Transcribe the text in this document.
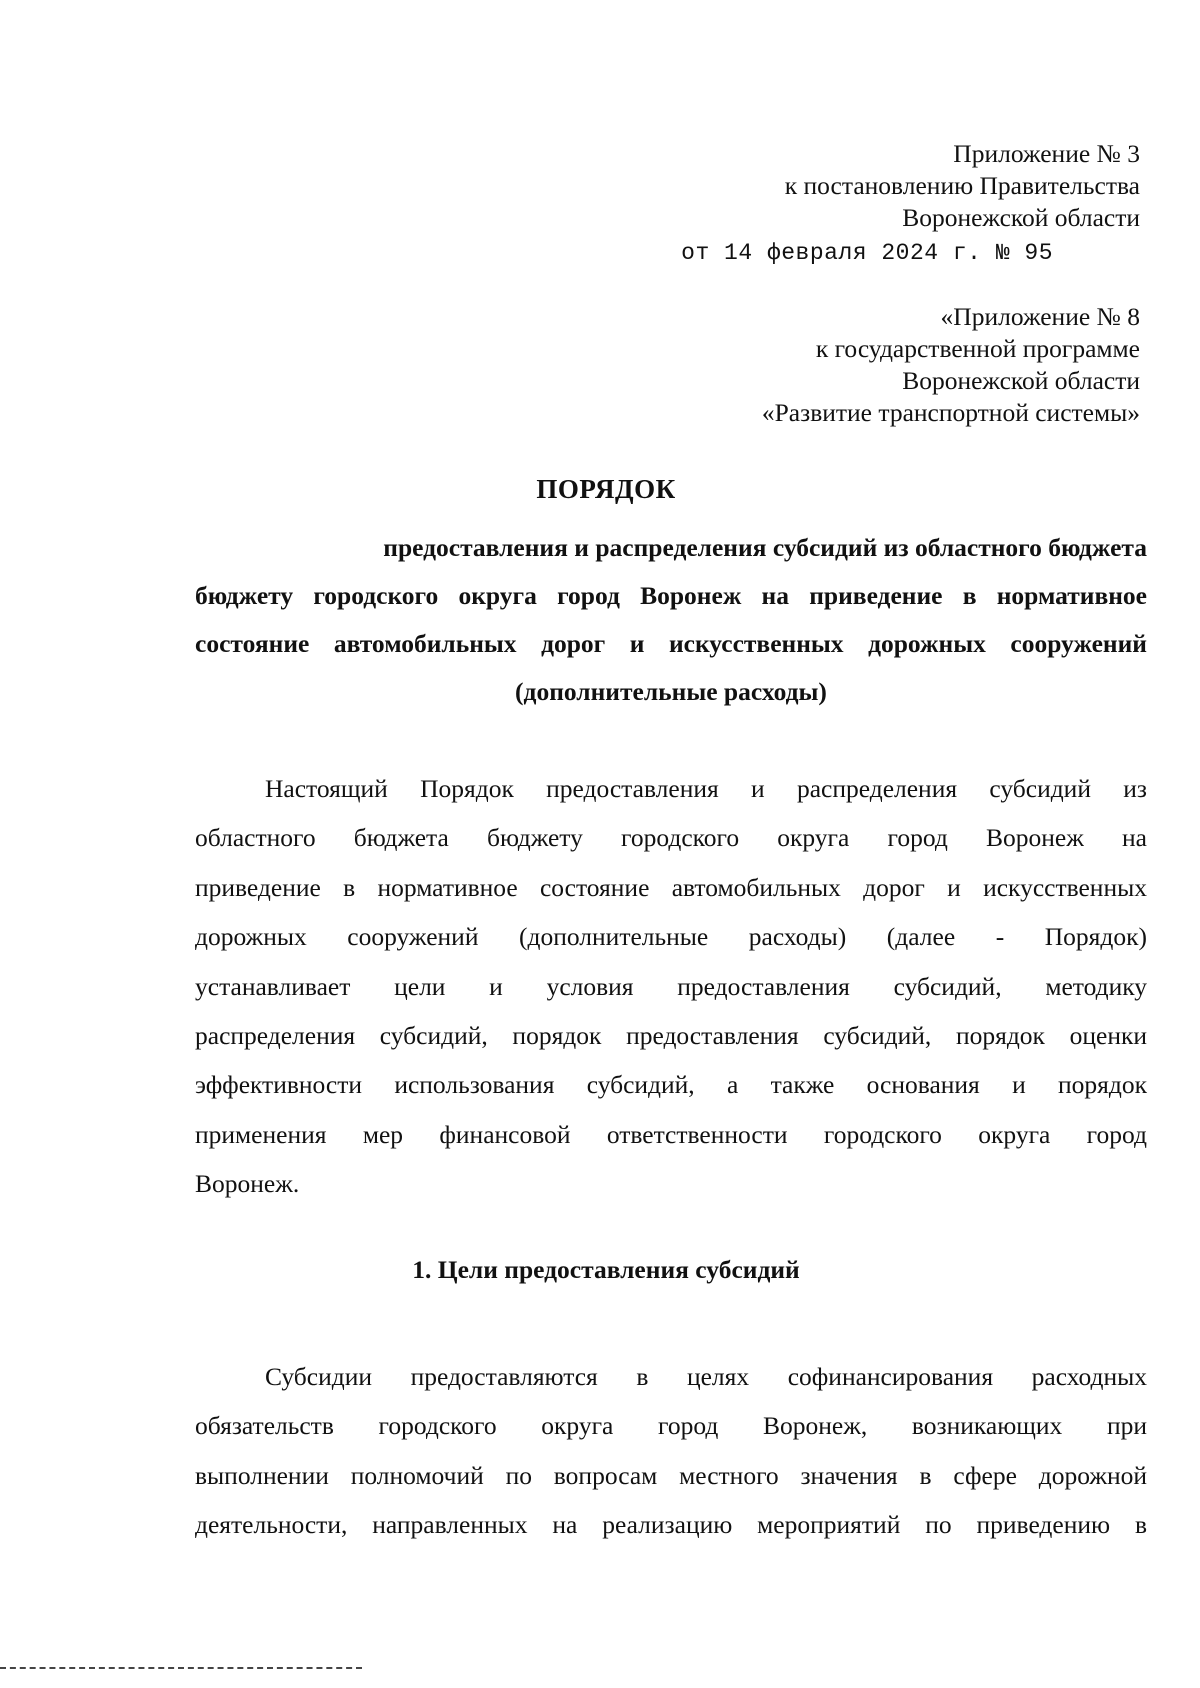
Приложение № 3
к постановлению Правительства
Воронежской области
от 14 февраля 2024 г. № 95
«Приложение № 8
к государственной программе
Воронежской области
«Развитие транспортной системы»
ПОРЯДОК
предоставления и распределения субсидий из областного бюджета
бюджету городского округа город Воронеж на приведение в нормативное
состояние автомобильных дорог и искусственных дорожных сооружений
(дополнительные расходы)
Настоящий Порядок предоставления и распределения субсидий из
областного бюджета бюджету городского округа город Воронеж на
приведение в нормативное состояние автомобильных дорог и искусственных
дорожных сооружений (дополнительные расходы) (далее - Порядок)
устанавливает цели и условия предоставления субсидий, методику
распределения субсидий, порядок предоставления субсидий, порядок оценки
эффективности использования субсидий, а также основания и порядок
применения мер финансовой ответственности городского округа город
Воронеж.
1. Цели предоставления субсидий
Субсидии предоставляются в целях софинансирования расходных
обязательств городского округа город Воронеж, возникающих при
выполнении полномочий по вопросам местного значения в сфере дорожной
деятельности, направленных на реализацию мероприятий по приведению в
